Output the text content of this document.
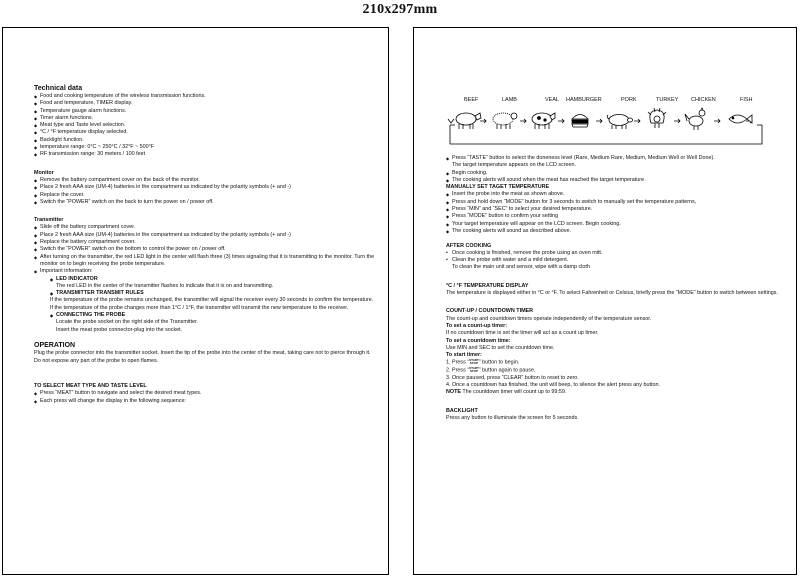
210x297mm
Technical data
◆ Food and cooking temperature of the wireless transmission functions.
◆ Food and temperature, TIMER display.
◆ Temperature gauge alarm functions.
◆ Timer alarm functions.
◆ Meat type and Taste level selection.
◆ °C / °F temperature display selected.
◆ Backlight function.
◆ temperature range: 0°C ~ 250°C / 32°F ~ 500°F
◆ RF transmission range: 30 meters / 100 feet
Monitor
◆ Remove the battery compartment cover on the back of the monitor.
◆ Place 2 fresh AAA size (UM-4) batteries in the compartment as indicated by the polarity symbols (+ and -)
◆ Replace the cover.
◆ Switch the “POWER” switch on the back to turn the power on / power off.
Transmitter
◆ Slide off the battery compartment cover.
◆ Place 2 fresh AAA size (UM-4) batteries in the compartment as indicated by the polarity symbols (+ and -)
◆ Replace the battery compartment cover.
◆ Switch the “POWER” switch on the bottom to control the power on / power off.
◆ After turning on the transmitter, the red LED light in the center will flash three (3) times signaling that it is transmitting to the monitor. Turn the monitor on to begin receiving the probe temperature.
◆ Important information:
◆ LED INDICATOR
The red LED in the center of the transmitter flashes to indicate that it is on and transmitting.
◆ TRANSMITTER TRANSMIT RULES
If the temperature of the probe remains unchanged, the transmitter will signal the receiver every 30 seconds to confirm the temperature.
If the temperature of the probe changes more than 1°C / 1°F, the transmitter will transmit the new temperature to the receiver.
◆ CONNECTING THE PROBE
Locate the probe socket on the right side of the Transmitter.
Insert the meat probe connector-plug into the socket.
OPERATION
Plug the probe connector into the transmitter socket. Insert the tip of the probe into the center of the meat, taking care not to pierce through it. Do not expose any part of the probe to open flames.
TO SELECT MEAT TYPE AND TASTE LEVEL
◆ Press “MEAT” button to navigate and select the desired meat types.
◆ Each press will change the display in the following sequence:
BEEF	LAMB	VEAL HAMBURGER	PORK	TURKEY CHICKEN	FISH
◆ Press “TASTE” button to select the doneness level (Rare, Medium Rare, Medium, Medium Well or Well Done).
The target temperature appears on the LCD screen.
◆ Begin cooking.
◆ The cooking alerts will sound when the meat has reached the target temperature.
MANUALLY SET TAGET TEMPERATURE
◆ Insert the probe into the meat as shown above.
◆ Press and hold down “MODE” button for 3 seconds to switch to manually set the temperature patterns,
◆ Press “MIN” and “SEC” to select your desired temperature.
◆ Press “MODE” button to confirm your setting
◆ Your target temperature will appear on the LCD screen. Begin cooking.
◆ The cooking alerts will sound as described above.
AFTER COOKING
• Once cooking is finished, remove the probe using an oven mitt.
• Clean the probe with water and a mild detergent.
To clean the main unit and sensor, wipe with a damp cloth
°C / °F TEMPERATURE DISPLAY
The temperature is displayed either in °C or °F. To select Fahrenheit or Celsius, briefly press the “MODE” button to switch between settings.
COUNT-UP / COUNTDOWN TIMER
The count-up and countdown timers operate independently of the temperature sensor.
To set a count-up timer:
If no countdown time is set the timer will act as a count up timer.
To set a countdown time:
Use MIN and SEC to set the countdown time.
To start timer:
1. Press “START
STOP” button to begin.
2. Press “START
STOP” button again to pause,
3. Once paused, press “CLEAR” button to reset to zero.
4. Once a countdown has finished, the unit will beep, to silence the alert press any button.
NOTE The countdown timer will count up to 99:59.
BACKLIGHT
Press any button to illuminate the screen for 5 seconds.
